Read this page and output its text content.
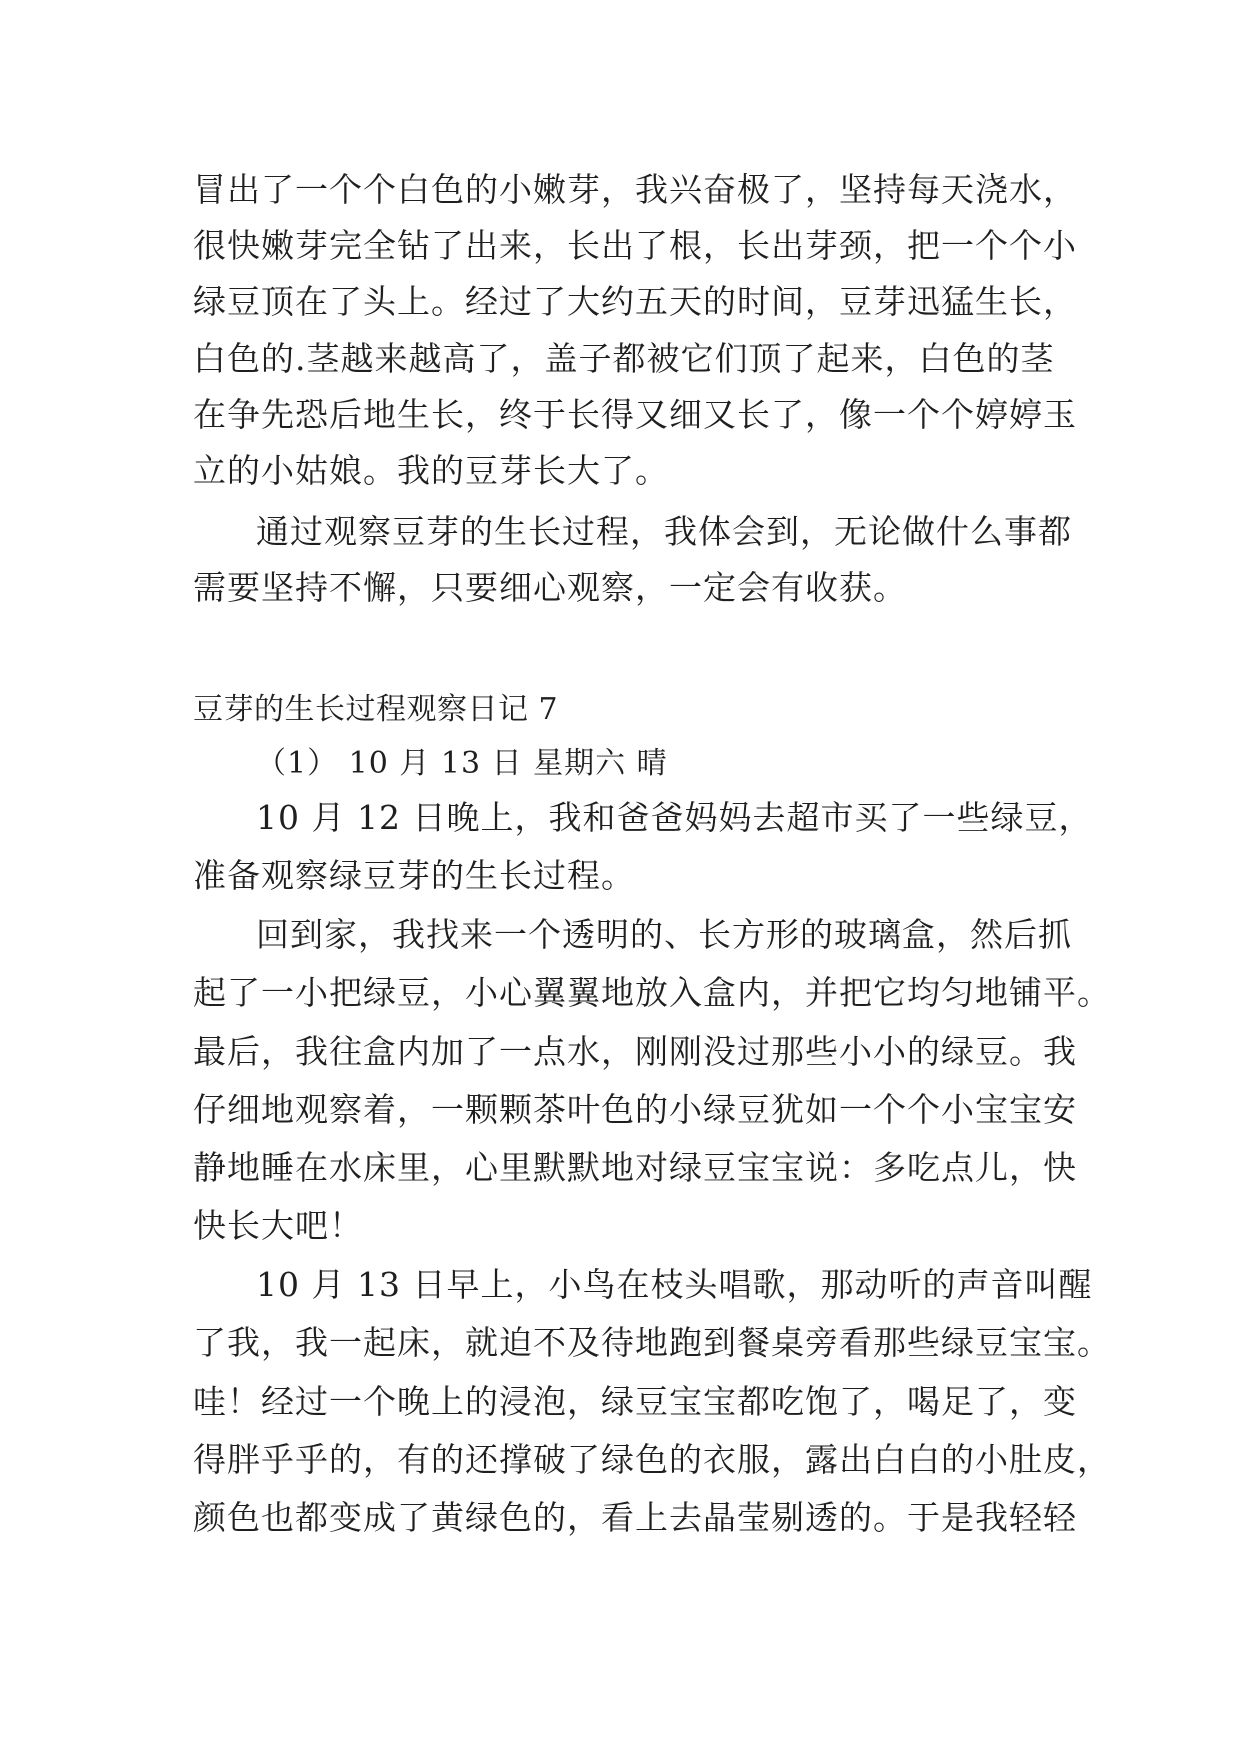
冒出了一个个白色的小嫩芽，我兴奋极了，坚持每天浇水，
很快嫩芽完全钻了出来，长出了根，长出芽颈，把一个个小
绿豆顶在了头上。经过了大约五天的时间，豆芽迅猛生长，
白色的.茎越来越高了，盖子都被它们顶了起来，白色的茎
在争先恐后地生长，终于长得又细又长了，像一个个婷婷玉
立的小姑娘。我的豆芽长大了。
通过观察豆芽的生长过程，我体会到，无论做什么事都
需要坚持不懈，只要细心观察，一定会有收获。
豆芽的生长过程观察日记 7
（1） 10 月 13 日 星期六 晴
10 月 12 日晚上，我和爸爸妈妈去超市买了一些绿豆，
准备观察绿豆芽的生长过程。
回到家，我找来一个透明的、长方形的玻璃盒，然后抓
起了一小把绿豆，小心翼翼地放入盒内，并把它均匀地铺平。
最后，我往盒内加了一点水，刚刚没过那些小小的绿豆。我
仔细地观察着，一颗颗茶叶色的小绿豆犹如一个个小宝宝安
静地睡在水床里，心里默默地对绿豆宝宝说：多吃点儿，快
快长大吧！
10 月 13 日早上，小鸟在枝头唱歌，那动听的声音叫醒
了我，我一起床，就迫不及待地跑到餐桌旁看那些绿豆宝宝。
哇！经过一个晚上的浸泡，绿豆宝宝都吃饱了，喝足了，变
得胖乎乎的，有的还撑破了绿色的衣服，露出白白的小肚皮，
颜色也都变成了黄绿色的，看上去晶莹剔透的。于是我轻轻
